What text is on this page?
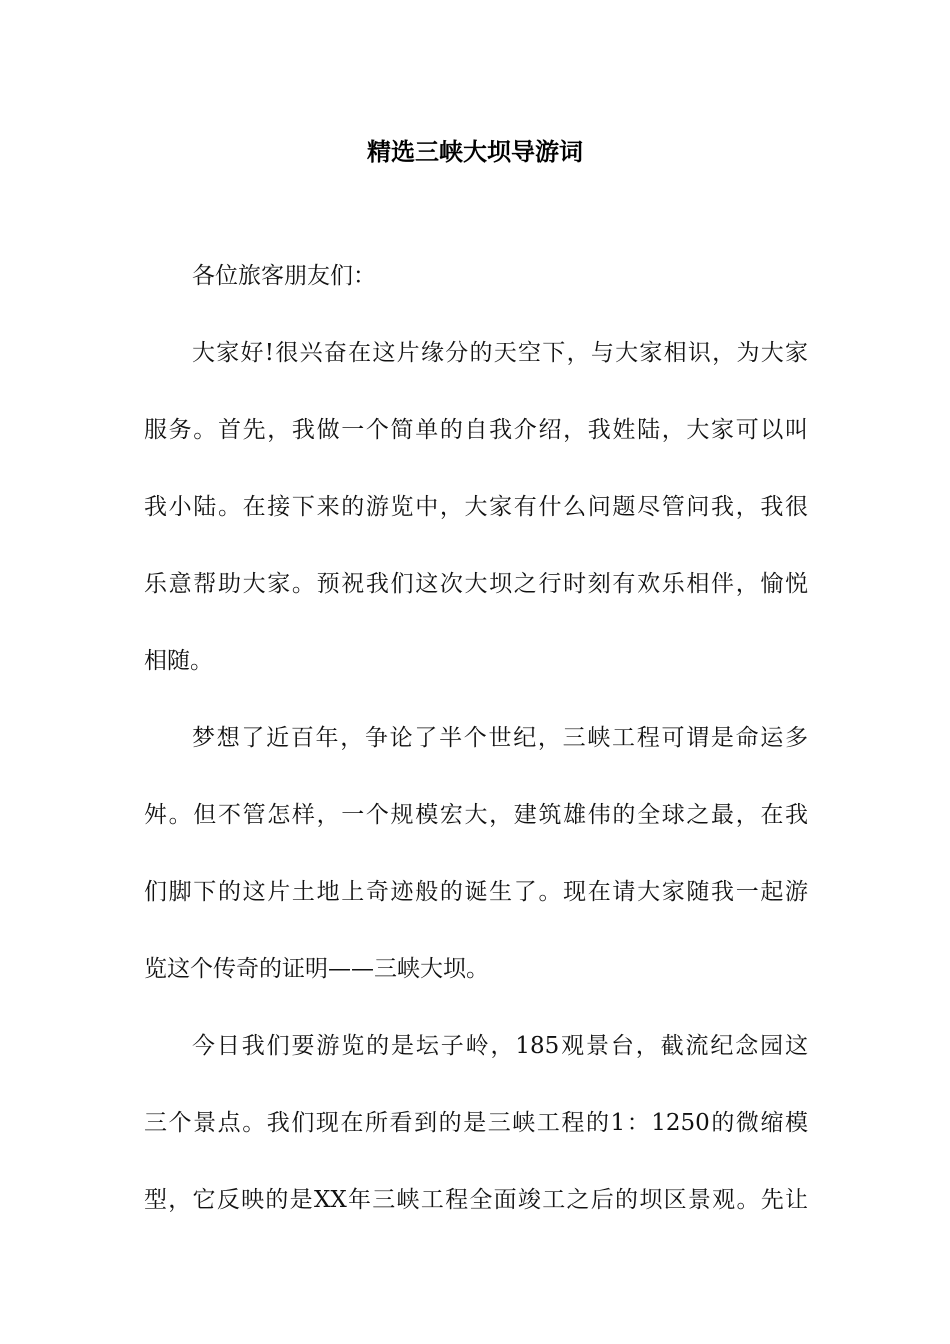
精选三峡大坝导游词
各位旅客朋友们：
大家好!很兴奋在这片缘分的天空下，与大家相识，为大家
服务。首先，我做一个简单的自我介绍，我姓陆，大家可以叫
我小陆。在接下来的游览中，大家有什么问题尽管问我，我很
乐意帮助大家。预祝我们这次大坝之行时刻有欢乐相伴，愉悦
相随。
梦想了近百年，争论了半个世纪，三峡工程可谓是命运多
舛。但不管怎样，一个规模宏大，建筑雄伟的全球之最，在我
们脚下的这片土地上奇迹般的诞生了。现在请大家随我一起游
览这个传奇的证明——三峡大坝。
今日我们要游览的是坛子岭，185观景台，截流纪念园这
三个景点。我们现在所看到的是三峡工程的1：1250的微缩模
型，它反映的是XX年三峡工程全面竣工之后的坝区景观。先让
